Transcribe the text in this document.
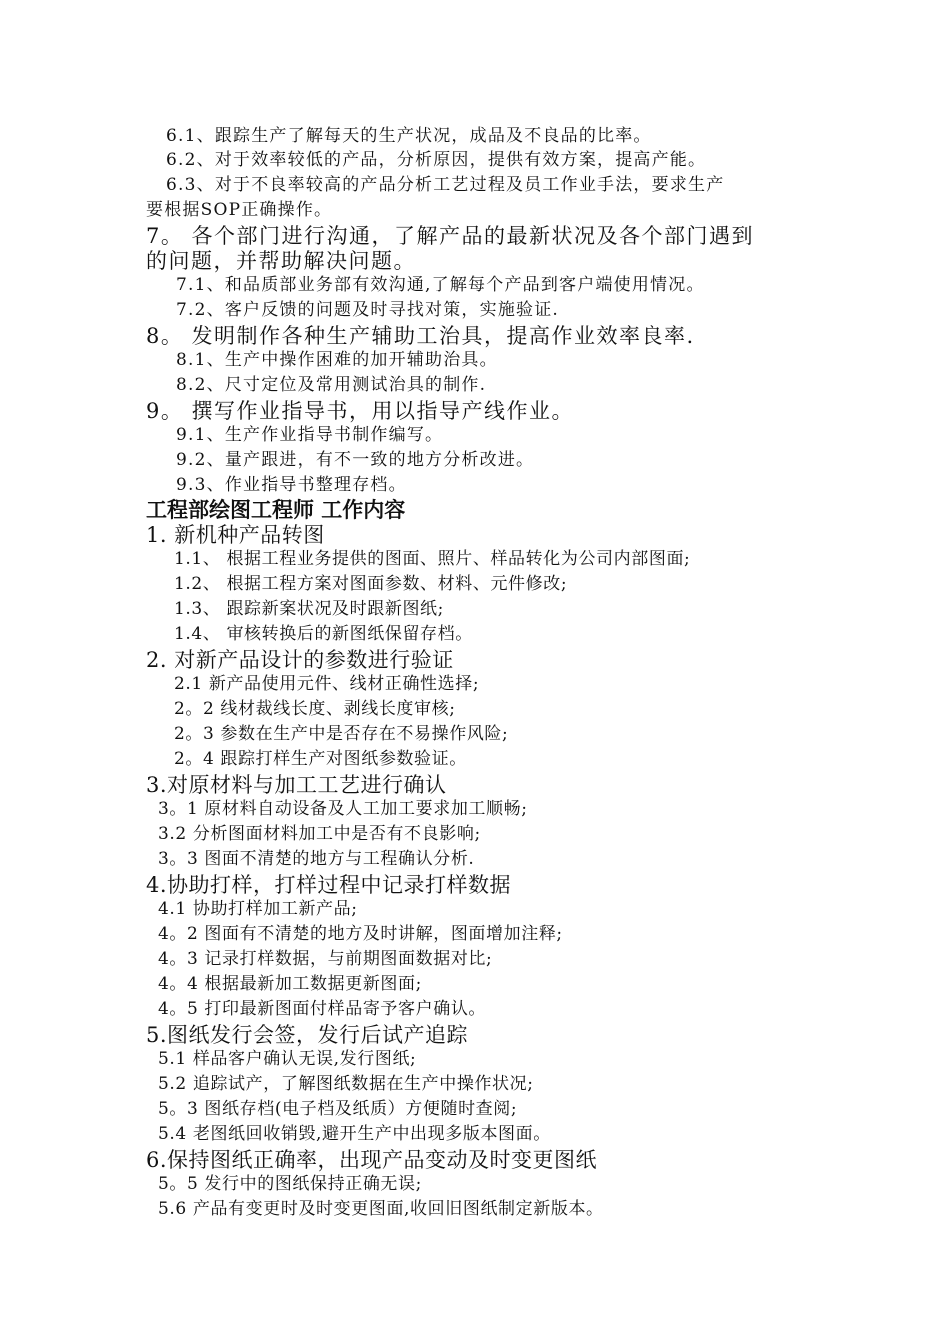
6.1、跟踪生产了解每天的生产状况，成品及不良品的比率。
6.2、对于效率较低的产品，分析原因，提供有效方案，提高产能。
6.3、对于不良率较高的产品分析工艺过程及员工作业手法，要求生产
要根据SOP正确操作。
7。 各个部门进行沟通，了解产品的最新状况及各个部门遇到
的问题，并帮助解决问题。
7.1、和品质部业务部有效沟通,了解每个产品到客户端使用情况。
7.2、客户反馈的问题及时寻找对策，实施验证.
8。 发明制作各种生产辅助工治具，提高作业效率良率.
8.1、生产中操作困难的加开辅助治具。
8.2、尺寸定位及常用测试治具的制作.
9。 撰写作业指导书，用以指导产线作业。
9.1、生产作业指导书制作编写。
9.2、量产跟进，有不一致的地方分析改进。
9.3、作业指导书整理存档。
工程部绘图工程师 工作内容
1. 新机种产品转图
1.1、 根据工程业务提供的图面、照片、样品转化为公司内部图面;
1.2、 根据工程方案对图面参数、材料、元件修改;
1.3、 跟踪新案状况及时跟新图纸;
1.4、 审核转换后的新图纸保留存档。
2. 对新产品设计的参数进行验证
2.1 新产品使用元件、线材正确性选择;
2。2 线材裁线长度、剥线长度审核;
2。3 参数在生产中是否存在不易操作风险;
2。4 跟踪打样生产对图纸参数验证。
3.对原材料与加工工艺进行确认
3。1 原材料自动设备及人工加工要求加工顺畅;
3.2 分析图面材料加工中是否有不良影响;
3。3 图面不清楚的地方与工程确认分析.
4.协助打样，打样过程中记录打样数据
4.1 协助打样加工新产品;
4。2 图面有不清楚的地方及时讲解，图面增加注释;
4。3 记录打样数据，与前期图面数据对比;
4。4 根据最新加工数据更新图面;
4。5 打印最新图面付样品寄予客户确认。
5.图纸发行会签，发行后试产追踪
5.1 样品客户确认无误,发行图纸;
5.2 追踪试产，了解图纸数据在生产中操作状况;
5。3 图纸存档(电子档及纸质）方便随时查阅;
5.4 老图纸回收销毁,避开生产中出现多版本图面。
6.保持图纸正确率，出现产品变动及时变更图纸
5。5 发行中的图纸保持正确无误;
5.6 产品有变更时及时变更图面,收回旧图纸制定新版本。
